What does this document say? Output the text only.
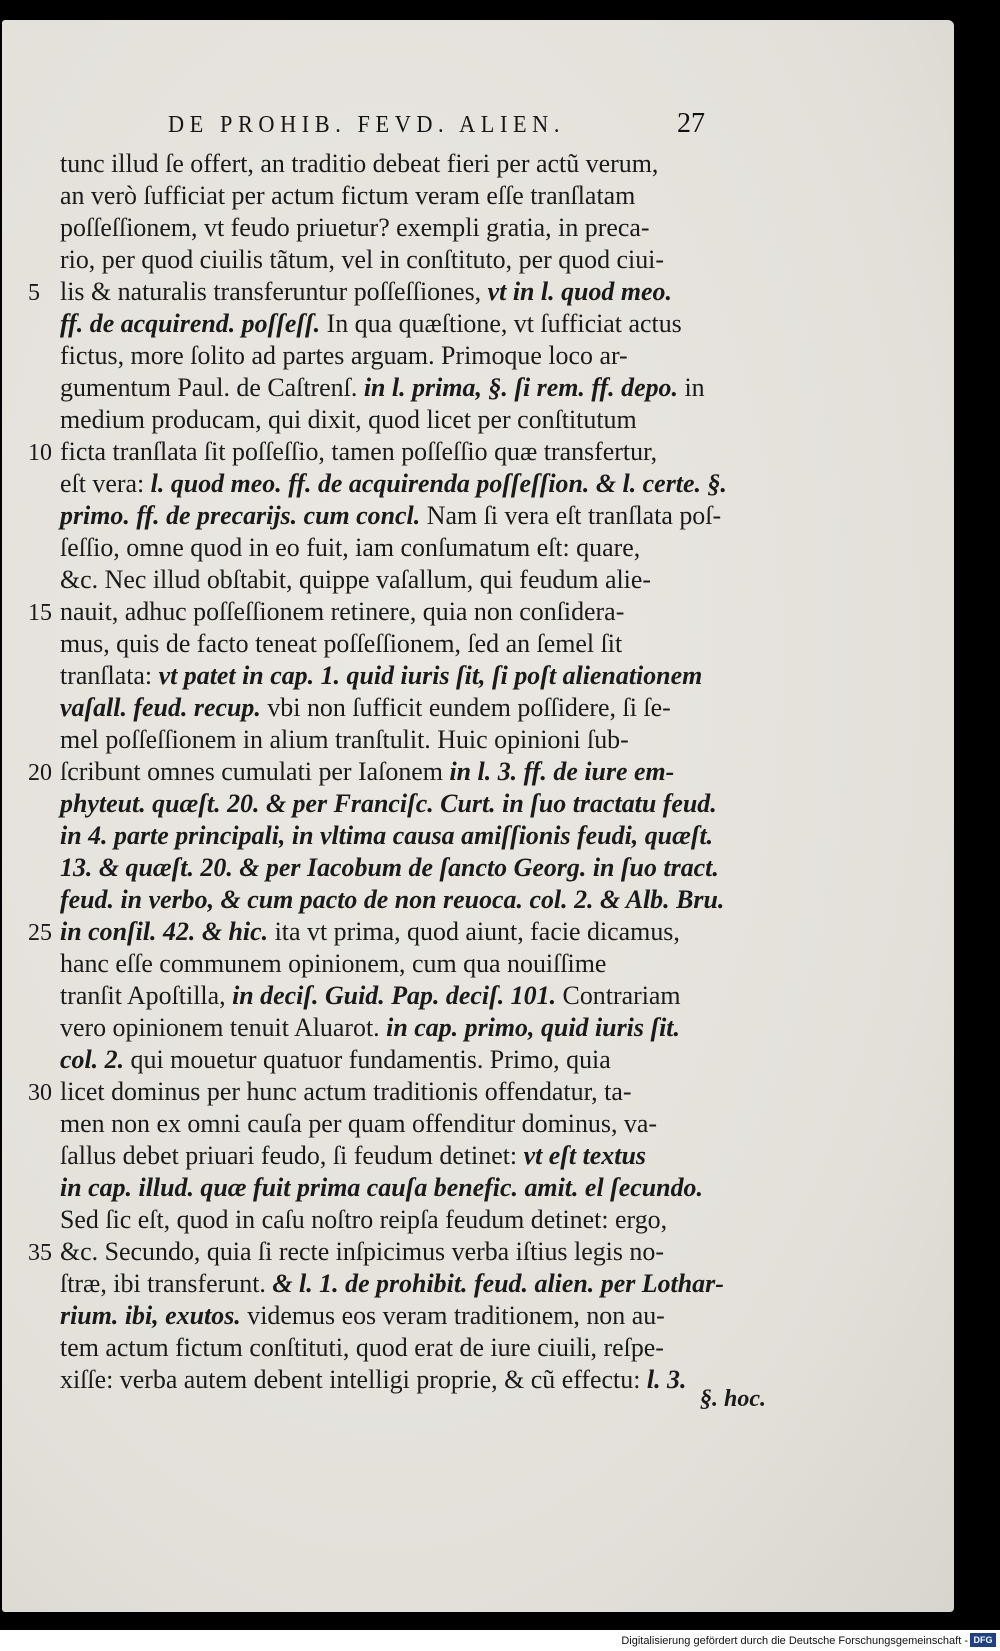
DE PROHIB. FEVD. ALIEN.	27
tunc illud ſe offert, an traditio debeat fieri per actũ verum,
an verò ſufficiat per actum fictum veram eſſe tranſlatam
poſſeſſionem, vt feudo priuetur? exempli gratia, in preca-
rio, per quod ciuilis tãtum, vel in conſtituto, per quod ciui-
lis & naturalis transferuntur poſſeſſiones, vt in l. quod meo.
5
ff. de acquirend. poſſeſſ. In qua quæſtione, vt ſufficiat actus
fictus, more ſolito ad partes arguam. Primoque loco ar-
gumentum Paul. de Caſtrenſ. in l. prima, §. ſi rem. ff. depo. in
medium producam, qui dixit, quod licet per conſtitutum
ficta tranſlata ſit poſſeſſio, tamen poſſeſſio quæ transfertur,
10
eſt vera: l. quod meo. ff. de acquirenda poſſeſſion. & l. certe. §.
primo. ff. de precarijs. cum concl. Nam ſi vera eſt tranſlata poſ-
ſeſſio, omne quod in eo fuit, iam conſumatum eſt: quare,
&c. Nec illud obſtabit, quippe vaſallum, qui feudum alie-
nauit, adhuc poſſeſſionem retinere, quia non conſidera-
15
mus, quis de facto teneat poſſeſſionem, ſed an ſemel ſit
tranſlata: vt patet in cap. 1. quid iuris ſit, ſi poſt alienationem
vaſall. feud. recup. vbi non ſufficit eundem poſſidere, ſi ſe-
mel poſſeſſionem in alium tranſtulit. Huic opinioni ſub-
ſcribunt omnes cumulati per Iaſonem in l. 3. ff. de iure em-
20
phyteut. quæſt. 20. & per Franciſc. Curt. in ſuo tractatu feud.
in 4. parte principali, in vltima causa amiſſionis feudi, quæſt.
13. & quæſt. 20. & per Iacobum de ſancto Georg. in ſuo tract.
feud. in verbo, & cum pacto de non reuoca. col. 2. & Alb. Bru.
in conſil. 42. & hic. ita vt prima, quod aiunt, facie dicamus,
25
hanc eſſe communem opinionem, cum qua nouiſſime
tranſit Apoſtilla, in deciſ. Guid. Pap. deciſ. 101. Contrariam
vero opinionem tenuit Aluarot. in cap. primo, quid iuris ſit.
col. 2. qui mouetur quatuor fundamentis. Primo, quia
licet dominus per hunc actum traditionis offendatur, ta-
30
men non ex omni cauſa per quam offenditur dominus, va-
ſallus debet priuari feudo, ſi feudum detinet: vt eſt textus
in cap. illud. quæ fuit prima cauſa benefic. amit. el ſecundo.
Sed ſic eſt, quod in caſu noſtro reipſa feudum detinet: ergo,
&c. Secundo, quia ſi recte inſpicimus verba iſtius legis no-
35
ſtræ, ibi transferunt. & l. 1. de prohibit. feud. alien. per Lothar-
rium. ibi, exutos. videmus eos veram traditionem, non au-
tem actum fictum conſtituti, quod erat de iure ciuili, reſpe-
xiſſe: verba autem debent intelligi proprie, & cũ effectu: l. 3.
§. hoc.
Digitalisierung gefördert durch die Deutsche Forschungsgemeinschaft - DFG
